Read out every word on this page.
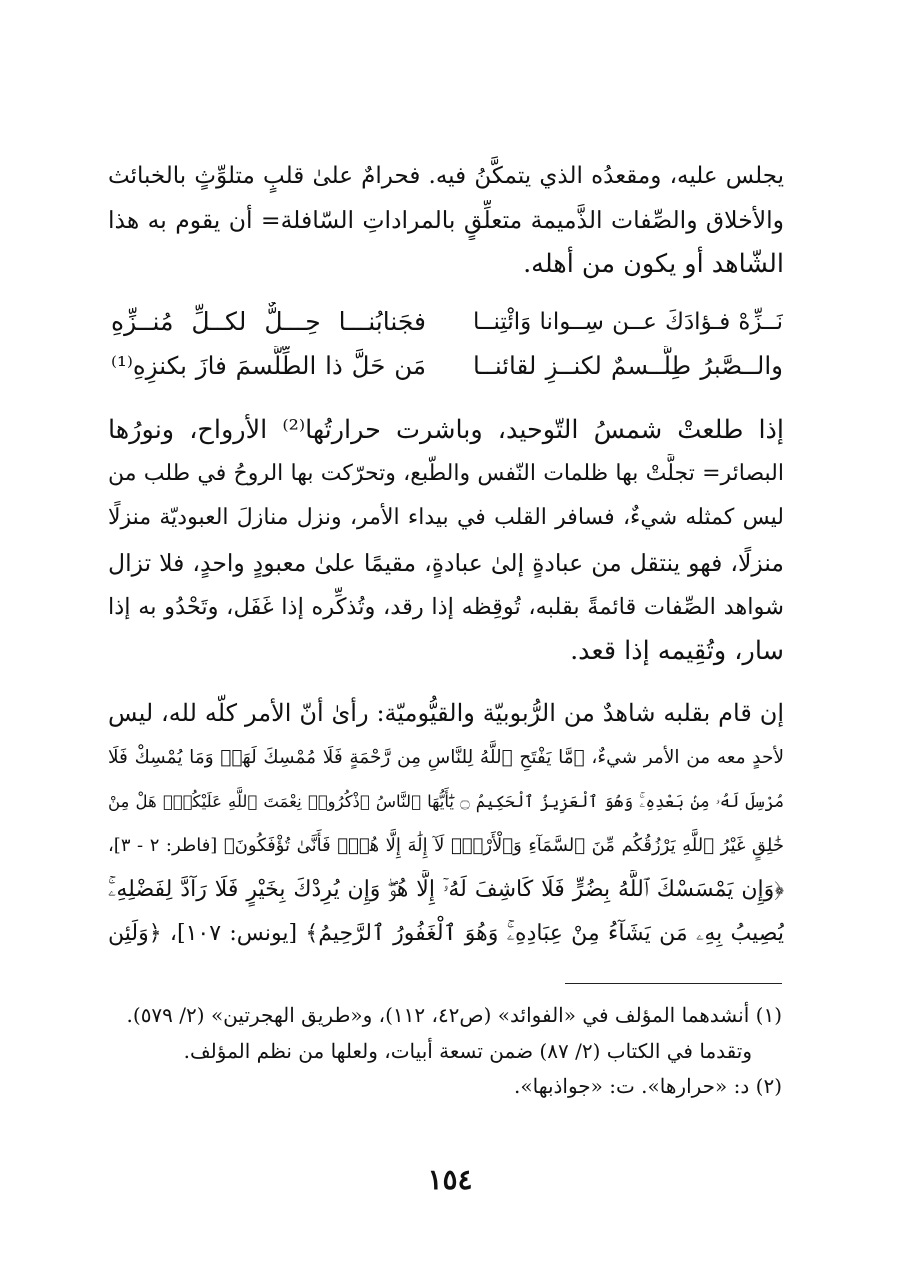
يجلس عليه، ومقعدُه الذي يتمكَّنُ فيه. فحرامٌ علىٰ قلبٍ متلوِّثٍ بالخبائث
والأخلاق والصِّفات الذَّميمة متعلِّقٍ بالمراداتِ السّافلة= أن يقوم به هذا
الشّاهد أو يكون من أهله.
نَــزِّهْ فـؤادَكَ عــن سِــوانا وَائْتِنــا
فجَنابُنـــا حِـــلٌّ لكــلِّ مُنــزِّهِ
والــصَّبرُ طِلَّــسمٌ لكنــزِ لقائنــا
مَن حَلَّ ذا الطِّلَّسمَ فازَ بكنزِهِ⁽¹⁾
إذا طلعتْ شمسُ التّوحيد، وباشرت حرارتُها⁽²⁾ الأرواح، ونورُها
البصائر= تجلَّتْ بها ظلمات النّفس والطّبع، وتحرّكت بها الروحُ في طلب من
ليس كمثله شيءٌ، فسافر القلب في بيداء الأمر، ونزل منازلَ العبوديّة منزلًا
منزلًا، فهو ينتقل من عبادةٍ إلىٰ عبادةٍ، مقيمًا علىٰ معبودٍ واحدٍ، فلا تزال
شواهد الصِّفات قائمةً بقلبه، تُوقِظه إذا رقد، وتُذكِّره إذا غَفَل، وتَحْدُو به إذا
سار، وتُقِيمه إذا قعد.
إن قام بقلبه شاهدٌ من الرُّبوبيّة والقيُّوميّة: رأىٰ أنّ الأمر كلّه لله، ليس
لأحدٍ معه من الأمر شيءٌ، ﴿مَّا يَفْتَحِ ٱللَّهُ لِلنَّاسِ مِن رَّحْمَةٍ فَلَا مُمْسِكَ لَهَاۖ وَمَا يُمْسِكْ فَلَا
مُرْسِلَ لَهُۥ مِنۢ بَعْدِهِۦۚ وَهُوَ ٱلْعَزِيزُ ٱلْحَكِيمُ ۝ يَٰٓأَيُّهَا ٱلنَّاسُ ٱذْكُرُوا۟ نِعْمَتَ ٱللَّهِ عَلَيْكُمْۚ هَلْ مِنْ
خَٰلِقٍ غَيْرُ ٱللَّهِ يَرْزُقُكُم مِّنَ ٱلسَّمَآءِ وَٱلْأَرْضِۚ لَآ إِلَٰهَ إِلَّا هُوَۖ فَأَنَّىٰ تُؤْفَكُونَ﴾ [فاطر: ٢ - ٣]،
﴿وَإِن يَمْسَسْكَ ٱللَّهُ بِضُرٍّ فَلَا كَاشِفَ لَهُۥٓ إِلَّا هُوَۖ وَإِن يُرِدْكَ بِخَيْرٍ فَلَا رَآدَّ لِفَضْلِهِۦۚ
يُصِيبُ بِهِۦ مَن يَشَآءُ مِنْ عِبَادِهِۦۚ وَهُوَ ٱلْغَفُورُ ٱلرَّحِيمُ﴾ [يونس: ١٠٧]، ﴿وَلَئِن
(١) أنشدهما المؤلف في «الفوائد» (ص٤٢، ١١٢)، و«طريق الهجرتين» (٢/ ٥٧٩).
وتقدما في الكتاب (٢/ ٨٧) ضمن تسعة أبيات، ولعلها من نظم المؤلف.
(٢) د: «حرارها». ت: «جواذبها».
١٥٤
